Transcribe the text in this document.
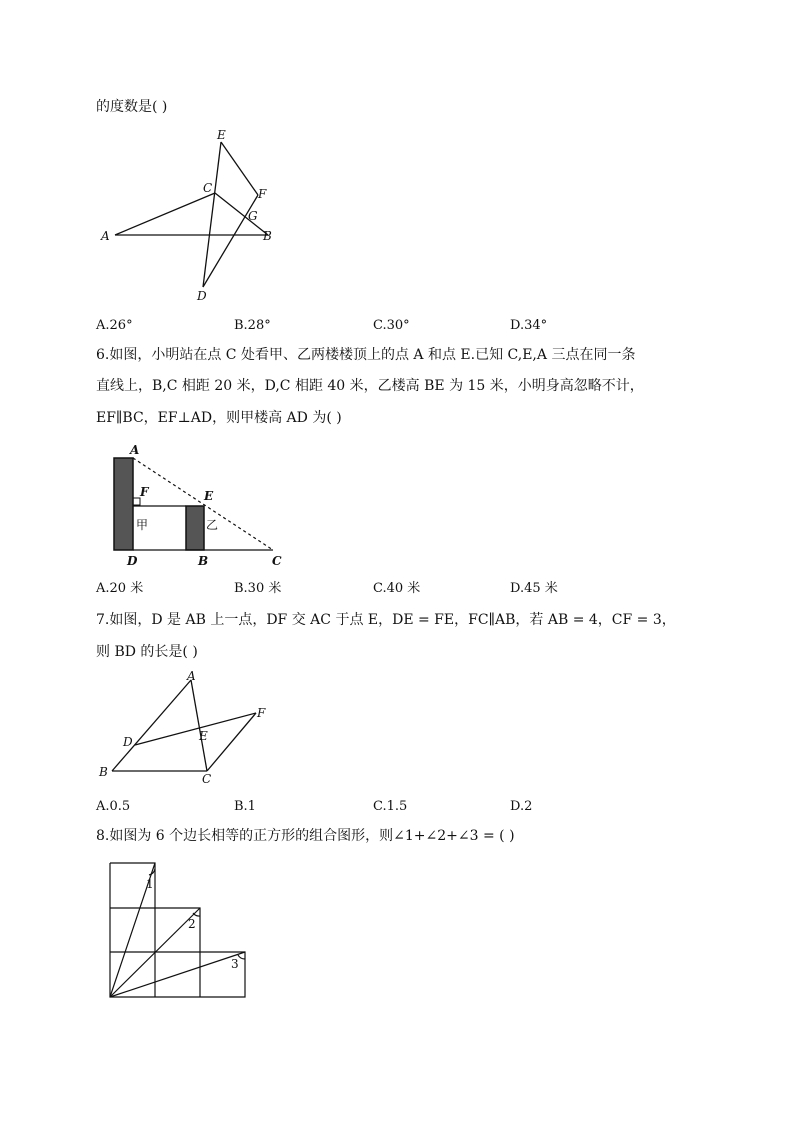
的度数是( )
E
C	F
G
A	B
D
A.26°	B.28°	C.30°	D.34°
6.如图，小明站在点 C 处看甲、乙两楼楼顶上的点 A 和点 E.已知 C,E,A 三点在同一条
直线上，B,C 相距 20 米，D,C 相距 40 米，乙楼高 BE 为 15 米，小明身高忽略不计，
EF∥BC，EF⊥AD，则甲楼高 AD 为( )
A
F	E
甲	乙
D	B	C
A.20 米	B.30 米	C.40 米	D.45 米
7.如图，D 是 AB 上一点，DF 交 AC 于点 E，DE = FE，FC∥AB，若 AB = 4，CF = 3，
则 BD 的长是( )
A
F
D	E
B	C
A.0.5	B.1	C.1.5	D.2
8.如图为 6 个边长相等的正方形的组合图形，则∠1+∠2+∠3 = ( )
1
2
3
